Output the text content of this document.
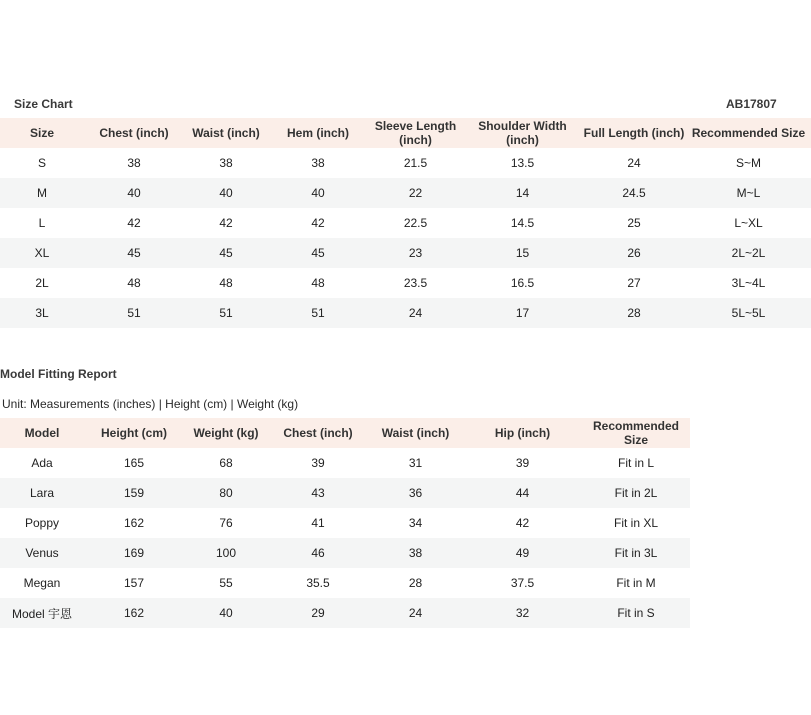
Size Chart	AB17807
Size	Chest (inch)	Waist (inch)	Hem (inch)	Sleeve Length (inch)	Shoulder Width (inch)	Full Length (inch)	Recommended Size
S	38	38	38	21.5	13.5	24	S~M
M	40	40	40	22	14	24.5	M~L
L	42	42	42	22.5	14.5	25	L~XL
XL	45	45	45	23	15	26	2L~2L
2L	48	48	48	23.5	16.5	27	3L~4L
3L	51	51	51	24	17	28	5L~5L
Model Fitting Report
Unit: Measurements (inches) | Height (cm) | Weight (kg)
Model	Height (cm)	Weight (kg)	Chest (inch)	Waist (inch)	Hip (inch)	Recommended Size
Ada	165	68	39	31	39	Fit in L
Lara	159	80	43	36	44	Fit in 2L
Poppy	162	76	41	34	42	Fit in XL
Venus	169	100	46	38	49	Fit in 3L
Megan	157	55	35.5	28	37.5	Fit in M
Model 宇恩	162	40	29	24	32	Fit in S
